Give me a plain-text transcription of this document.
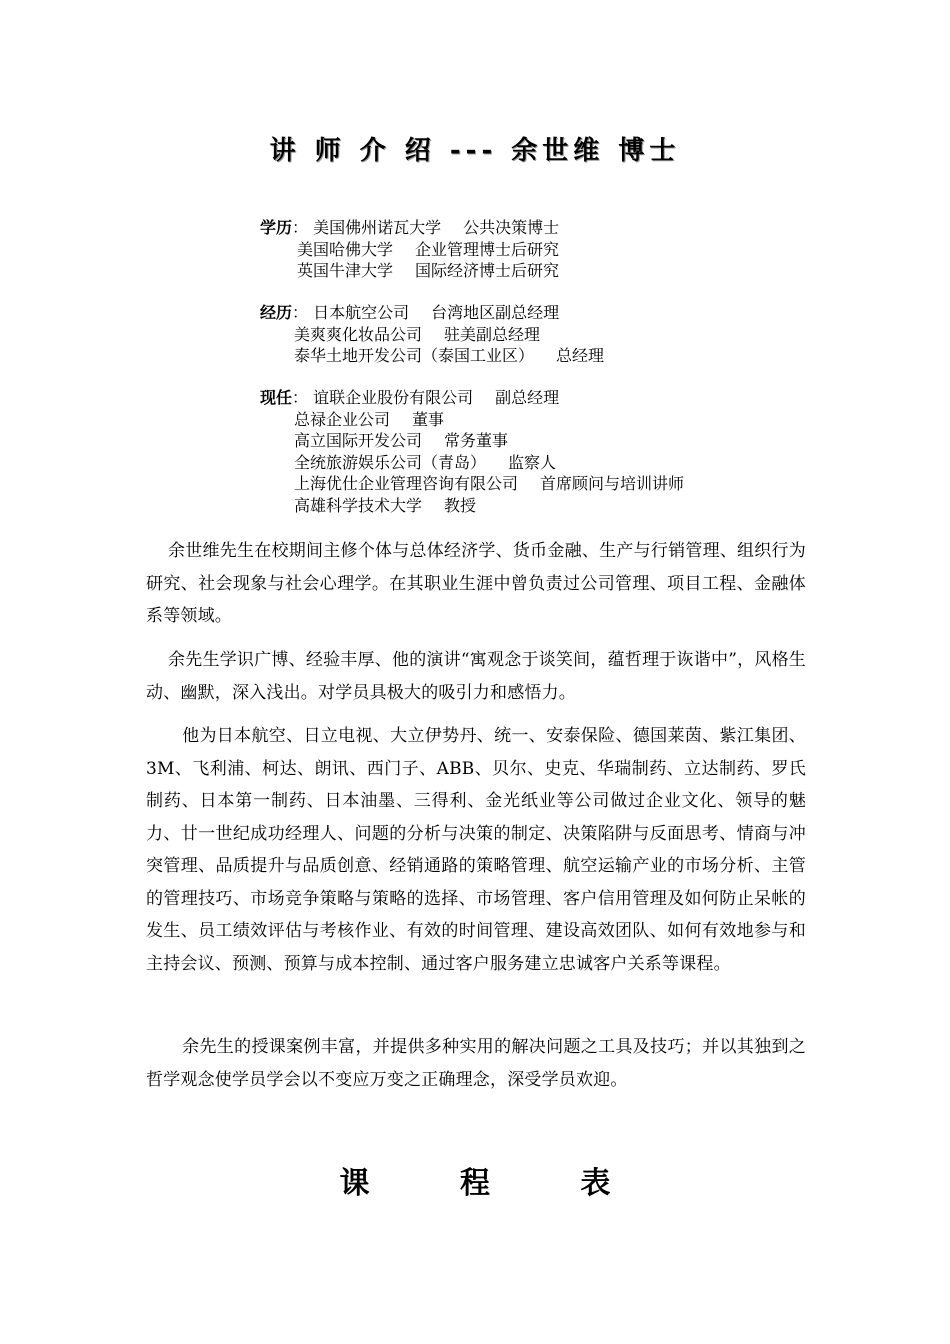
讲 师 介 绍 --- 余世维 博士
学历： 美国佛州诺瓦大学 公共决策博士
美国哈佛大学 企业管理博士后研究
英国牛津大学 国际经济博士后研究
经历： 日本航空公司 台湾地区副总经理
美爽爽化妆品公司 驻美副总经理
泰华土地开发公司（泰国工业区） 总经理
现任： 谊联企业股份有限公司 副总经理
总禄企业公司 董事
高立国际开发公司 常务董事
全统旅游娱乐公司（青岛） 监察人
上海优仕企业管理咨询有限公司 首席顾问与培训讲师
高雄科学技术大学 教授
余世维先生在校期间主修个体与总体经济学、货币金融、生产与行销管理、组织行为研究、社会现象与社会心理学。在其职业生涯中曾负责过公司管理、项目工程、金融体系等领域。
余先生学识广博、经验丰厚、他的演讲“寓观念于谈笑间，蕴哲理于诙谐中”，风格生动、幽默，深入浅出。对学员具极大的吸引力和感悟力。
他为日本航空、日立电视、大立伊势丹、统一、安泰保险、德国莱茵、紫江集团、3M、飞利浦、柯达、朗讯、西门子、ABB、贝尔、史克、华瑞制药、立达制药、罗氏制药、日本第一制药、日本油墨、三得利、金光纸业等公司做过企业文化、领导的魅力、廿一世纪成功经理人、问题的分析与决策的制定、决策陷阱与反面思考、情商与冲突管理、品质提升与品质创意、经销通路的策略管理、航空运输产业的市场分析、主管的管理技巧、市场竞争策略与策略的选择、市场管理、客户信用管理及如何防止呆帐的发生、员工绩效评估与考核作业、有效的时间管理、建设高效团队、如何有效地参与和主持会议、预测、预算与成本控制、通过客户服务建立忠诚客户关系等课程。
余先生的授课案例丰富，并提供多种实用的解决问题之工具及技巧；并以其独到之哲学观念使学员学会以不变应万变之正确理念，深受学员欢迎。
课 程 表
